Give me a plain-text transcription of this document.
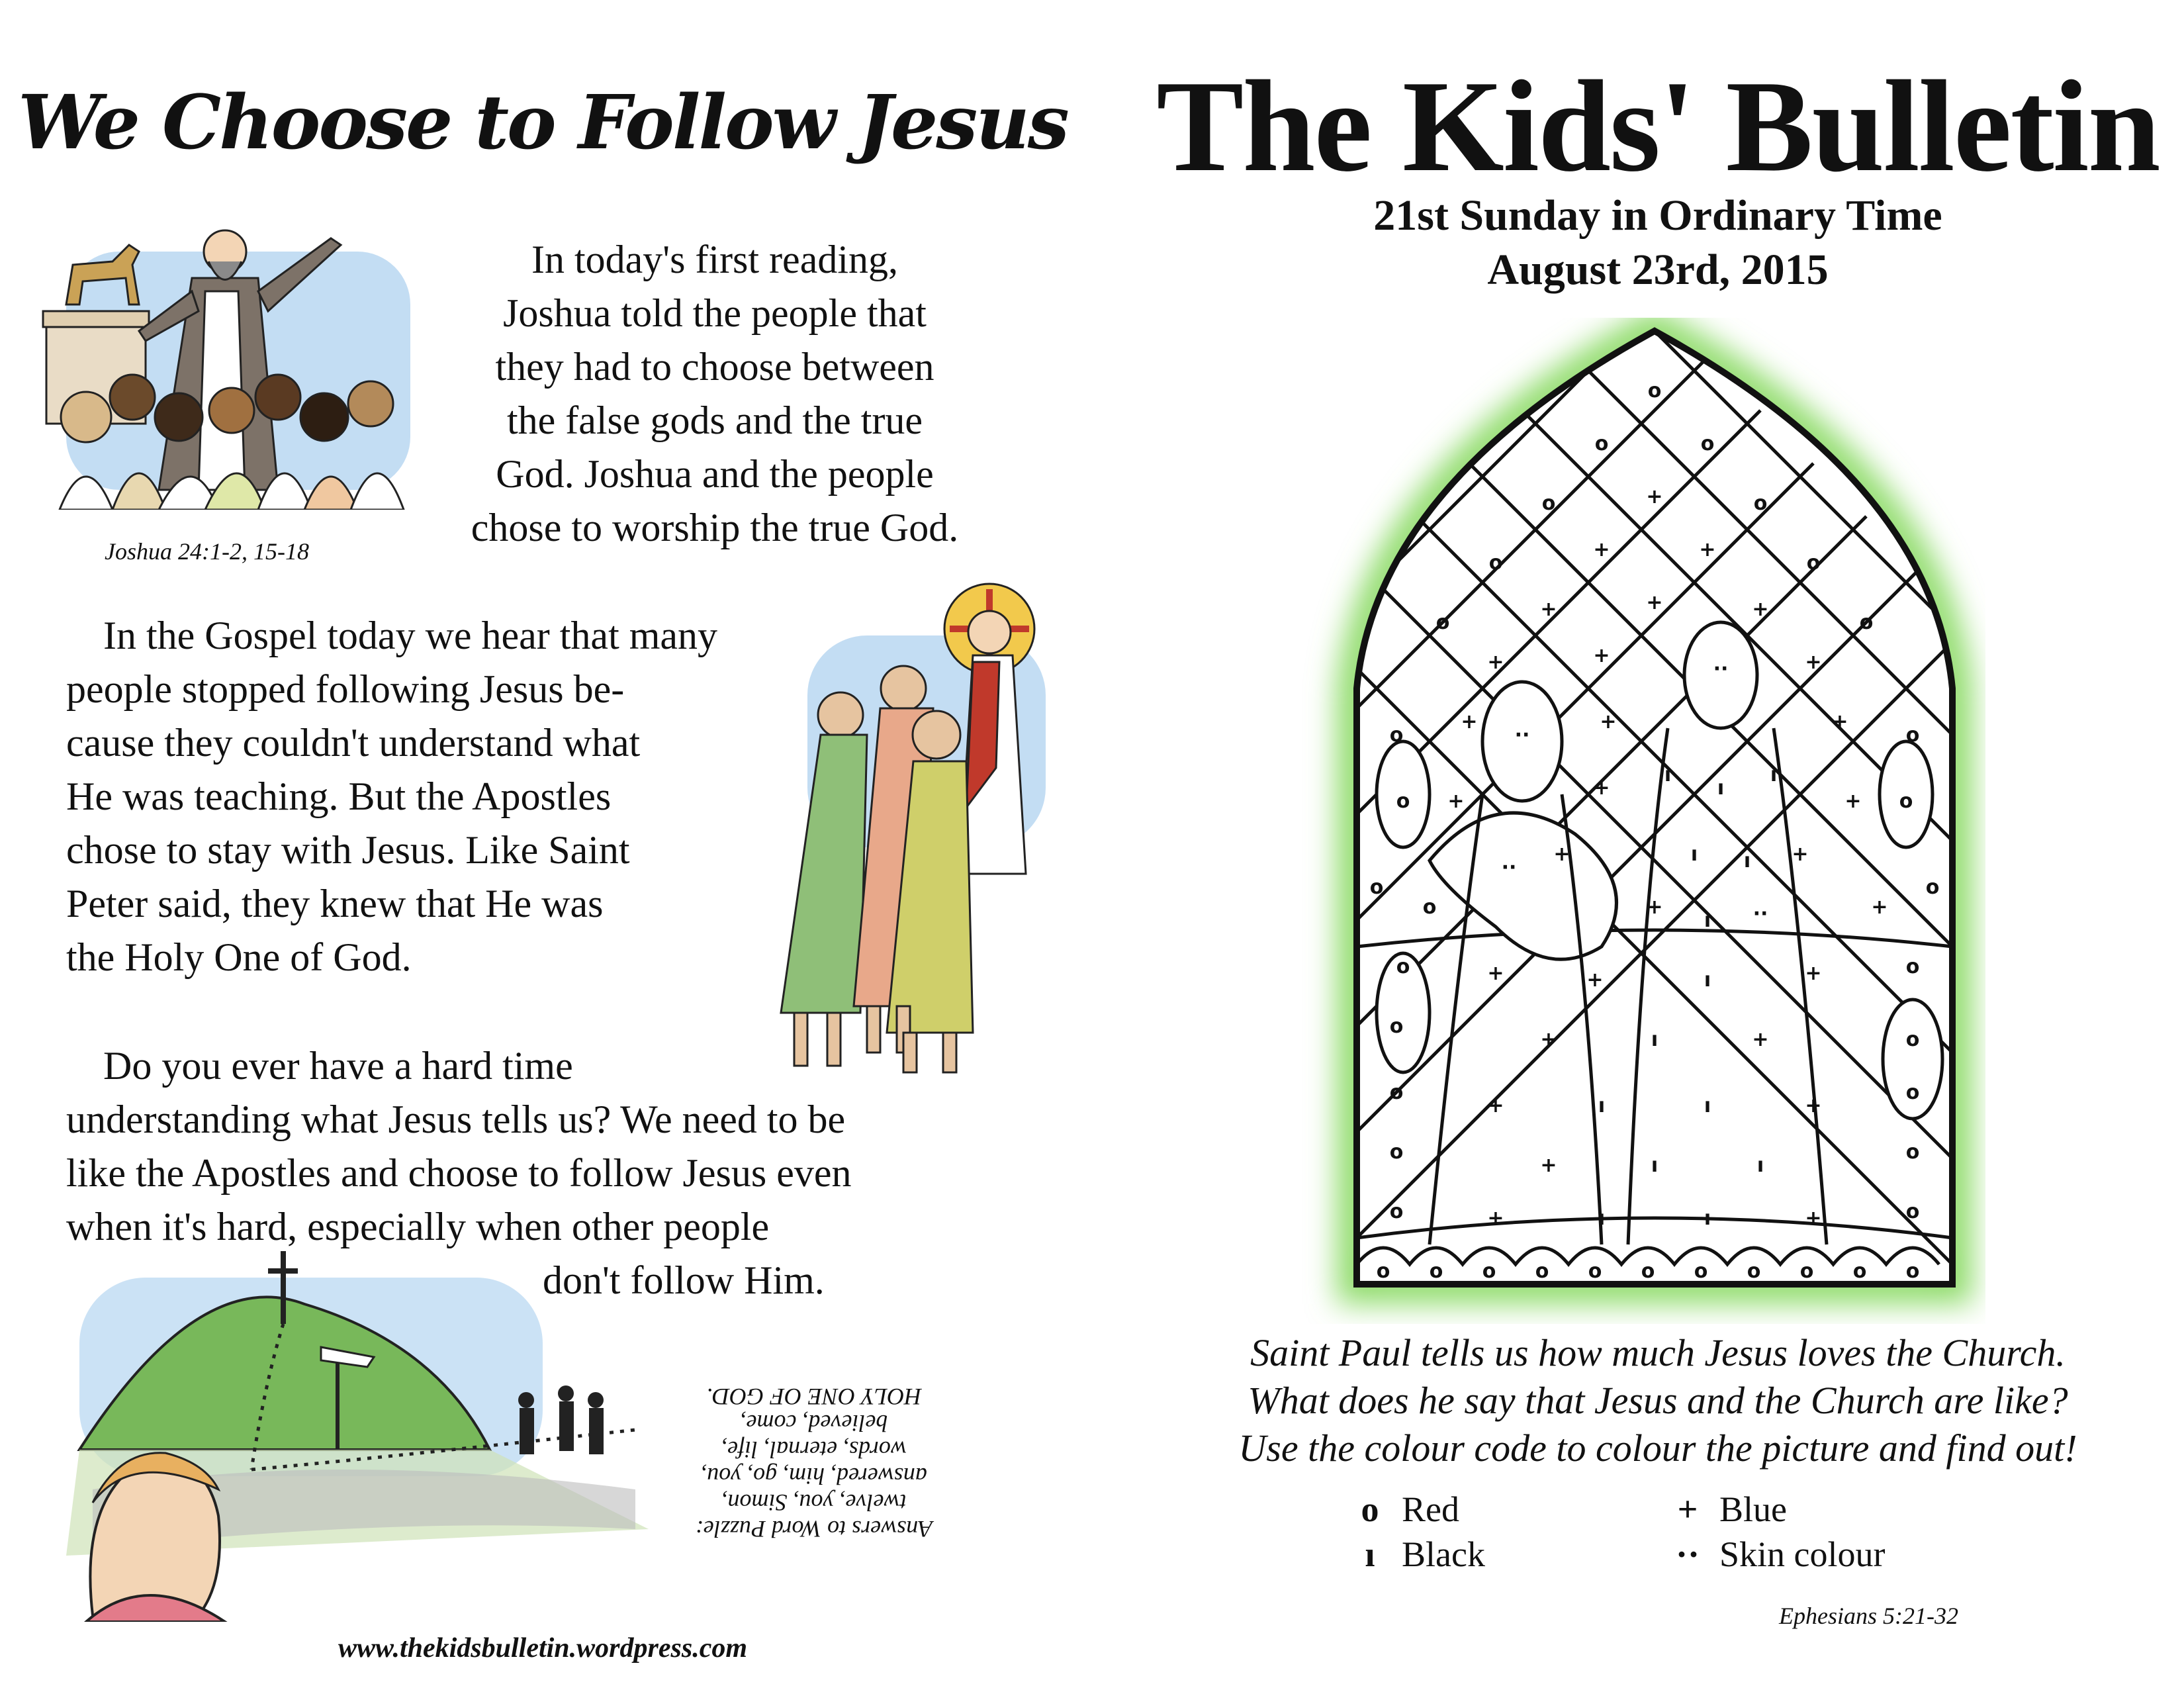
We Choose to Follow Jesus
In today's first reading,
Joshua told the people that
they had to choose between
the false gods and the true
God. Joshua and the people
chose to worship the true God.
Joshua 24:1-2, 15-18
In the Gospel today we hear that many
people stopped following Jesus be-
cause they couldn't understand what
He was teaching. But the Apostles
chose to stay with Jesus. Like Saint
Peter said, they knew that He was
the Holy One of God.
Do you ever have a hard time
understanding what Jesus tells us? We need to be
like the Apostles and choose to follow Jesus even
when it's hard, especially when other people
don't follow Him.
Answers to Word Puzzle:
twelve, you, Simon,
answered, him, go, you,
words, eternal, life,
believed, come,
HOLY ONE OF GOD.
www.thekidsbulletin.wordpress.com
The Kids' Bulletin
21st Sunday in Ordinary Time
August 23rd, 2015
o
o	o
+
o	o
+	+
o	o
+
+	+
o	o
+
+	+
··
··
o	o
+
+	+
o	o
ı
ı
ı
+
+	+
··
ı ı
+	+
o	o
o	+
+
ı ··
o	o
+	+	ı	+
o
o
+	ı	+
o	o
+	ı	ı	+
o	o
+	ı	ı
o	o
+	ı	ı	+
o o o o o o o o o o o
Saint Paul tells us how much Jesus loves the Church.
What does he say that Jesus and the Church are like?
Use the colour code to colour the picture and find out!
o Red	+ Blue
ı Black	·· Skin colour
Ephesians 5:21-32
